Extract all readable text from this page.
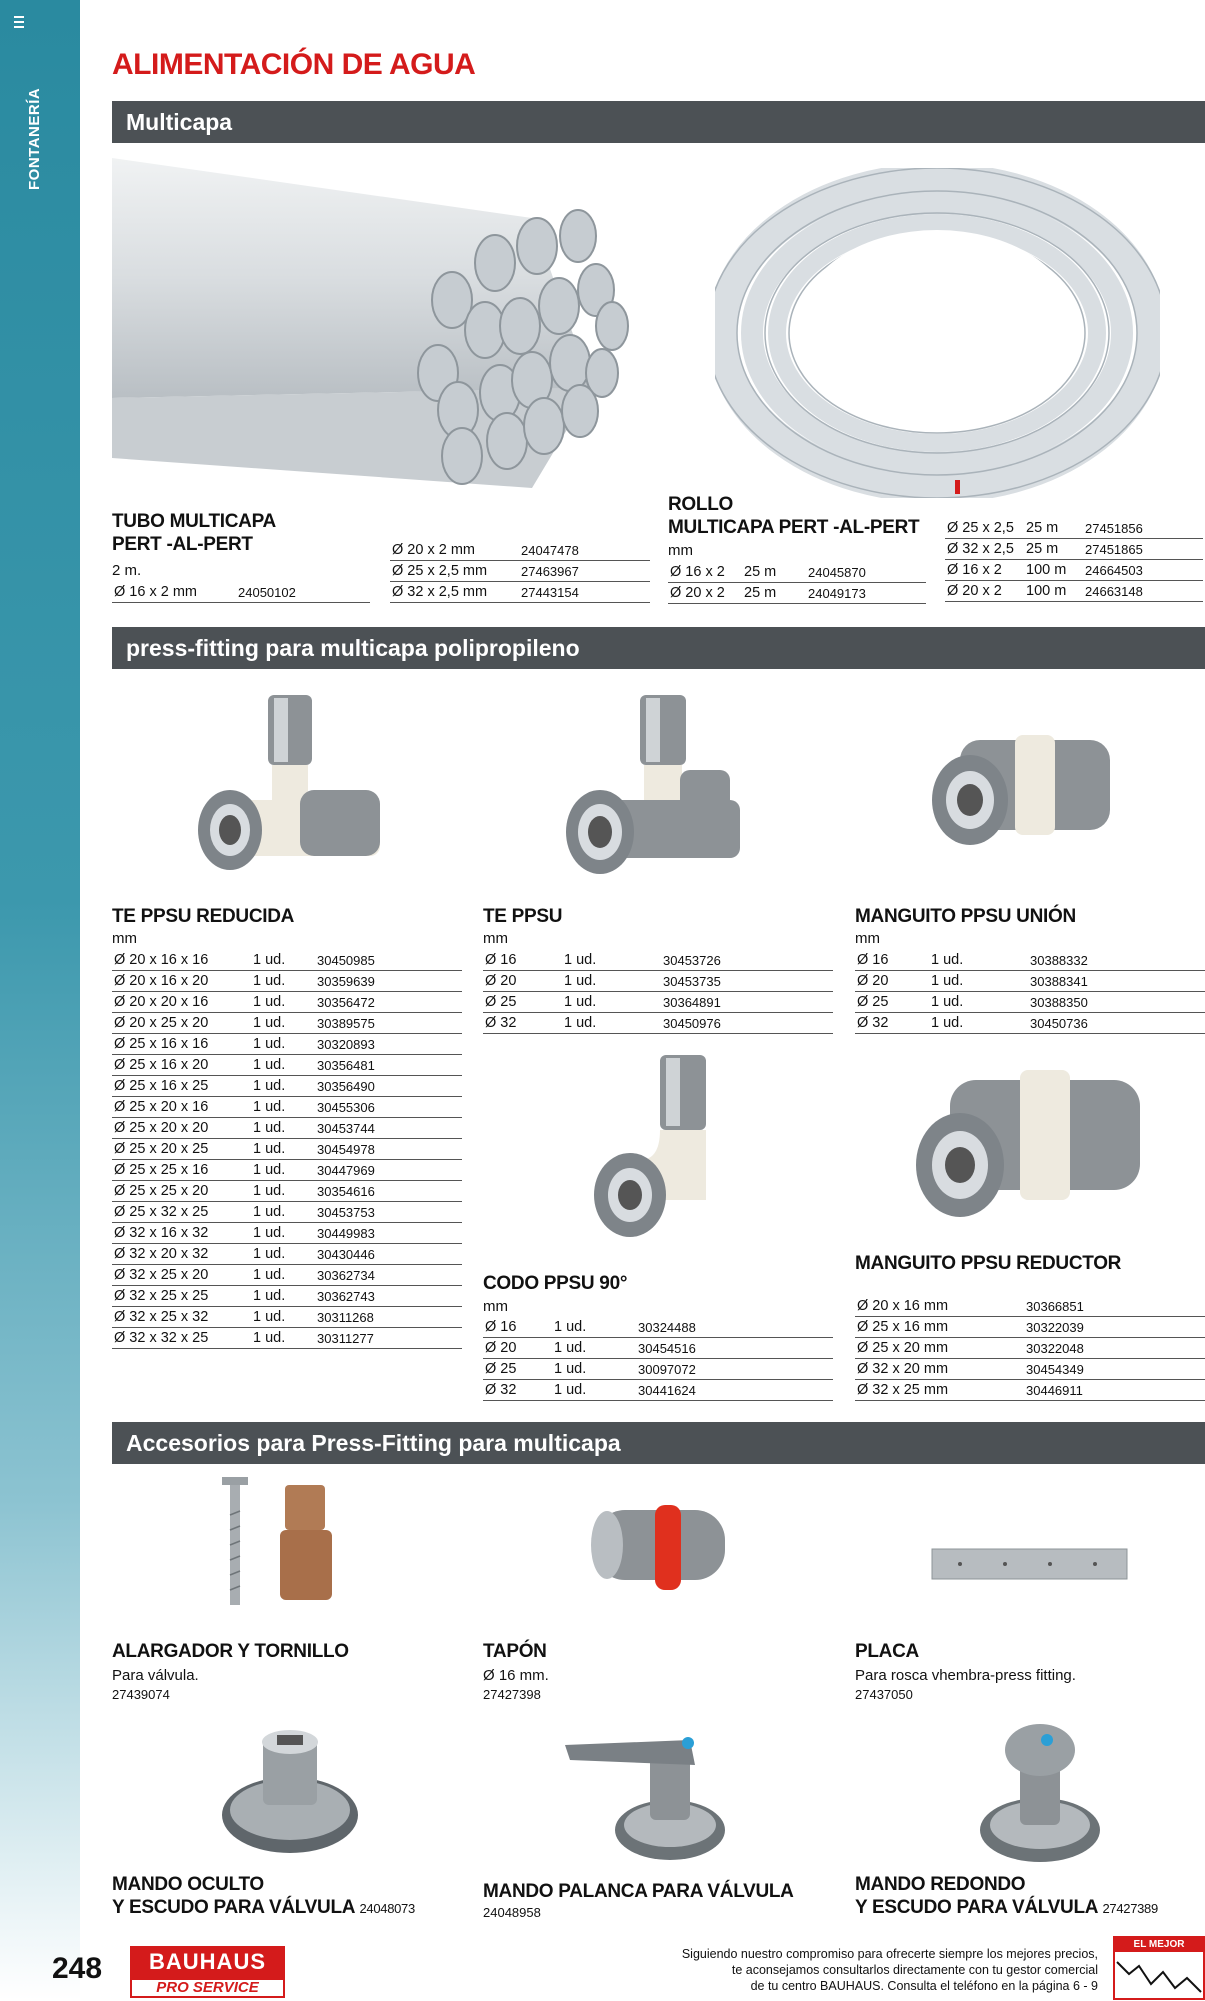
FONTANERÍA
ALIMENTACIÓN DE AGUA
Multicapa
TUBO MULTICAPA
PERT -AL-PERT
2 m.
Ø 16 x 2 mm	24050102
Ø 20 x 2 mm	24047478
Ø 25 x 2,5 mm	27463967
Ø 32 x 2,5 mm	27443154
ROLLO
MULTICAPA PERT -AL-PERT
mm
Ø 16 x 2	25 m	24045870
Ø 20 x 2	25 m	24049173
Ø 25 x 2,5	25 m	27451856
Ø 32 x 2,5	25 m	27451865
Ø 16 x 2	100 m	24664503
Ø 20 x 2	100 m	24663148
press-fitting para multicapa polipropileno
TE PPSU REDUCIDA
mm
Ø 20 x 16 x 16	1 ud.	30450985
Ø 20 x 16 x 20	1 ud.	30359639
Ø 20 x 20 x 16	1 ud.	30356472
Ø 20 x 25 x 20	1 ud.	30389575
Ø 25 x 16 x 16	1 ud.	30320893
Ø 25 x 16 x 20	1 ud.	30356481
Ø 25 x 16 x 25	1 ud.	30356490
Ø 25 x 20 x 16	1 ud.	30455306
Ø 25 x 20 x 20	1 ud.	30453744
Ø 25 x 20 x 25	1 ud.	30454978
Ø 25 x 25 x 16	1 ud.	30447969
Ø 25 x 25 x 20	1 ud.	30354616
Ø 25 x 32 x 25	1 ud.	30453753
Ø 32 x 16 x 32	1 ud.	30449983
Ø 32 x 20 x 32	1 ud.	30430446
Ø 32 x 25 x 20	1 ud.	30362734
Ø 32 x 25 x 25	1 ud.	30362743
Ø 32 x 25 x 32	1 ud.	30311268
Ø 32 x 32 x 25	1 ud.	30311277
TE PPSU
mm
Ø 16	1 ud.	30453726
Ø 20	1 ud.	30453735
Ø 25	1 ud.	30364891
Ø 32	1 ud.	30450976
MANGUITO PPSU UNIÓN
mm
Ø 16	1 ud.	30388332
Ø 20	1 ud.	30388341
Ø 25	1 ud.	30388350
Ø 32	1 ud.	30450736
CODO PPSU 90°
mm
Ø 16	1 ud.	30324488
Ø 20	1 ud.	30454516
Ø 25	1 ud.	30097072
Ø 32	1 ud.	30441624
MANGUITO PPSU REDUCTOR
Ø 20 x 16 mm	30366851
Ø 25 x 16 mm	30322039
Ø 25 x 20 mm	30322048
Ø 32 x 20 mm	30454349
Ø 32 x 25 mm	30446911
Accesorios para Press-Fitting para multicapa
ALARGADOR Y TORNILLO
Para válvula.
27439074
TAPÓN
Ø 16 mm.
27427398
PLACA
Para rosca vhembra-press fitting.
27437050
MANDO OCULTO
Y ESCUDO PARA VÁLVULA 24048073
MANDO PALANCA PARA VÁLVULA
24048958
MANDO REDONDO
Y ESCUDO PARA VÁLVULA 27427389
248	BAUHAUS
PRO SERVICE
Siguiendo nuestro compromiso para ofrecerte siempre los mejores precios,
te aconsejamos consultarlos directamente con tu gestor comercial
de tu centro BAUHAUS. Consulta el teléfono en la página 6 - 9
EL MEJOR PRECIO
